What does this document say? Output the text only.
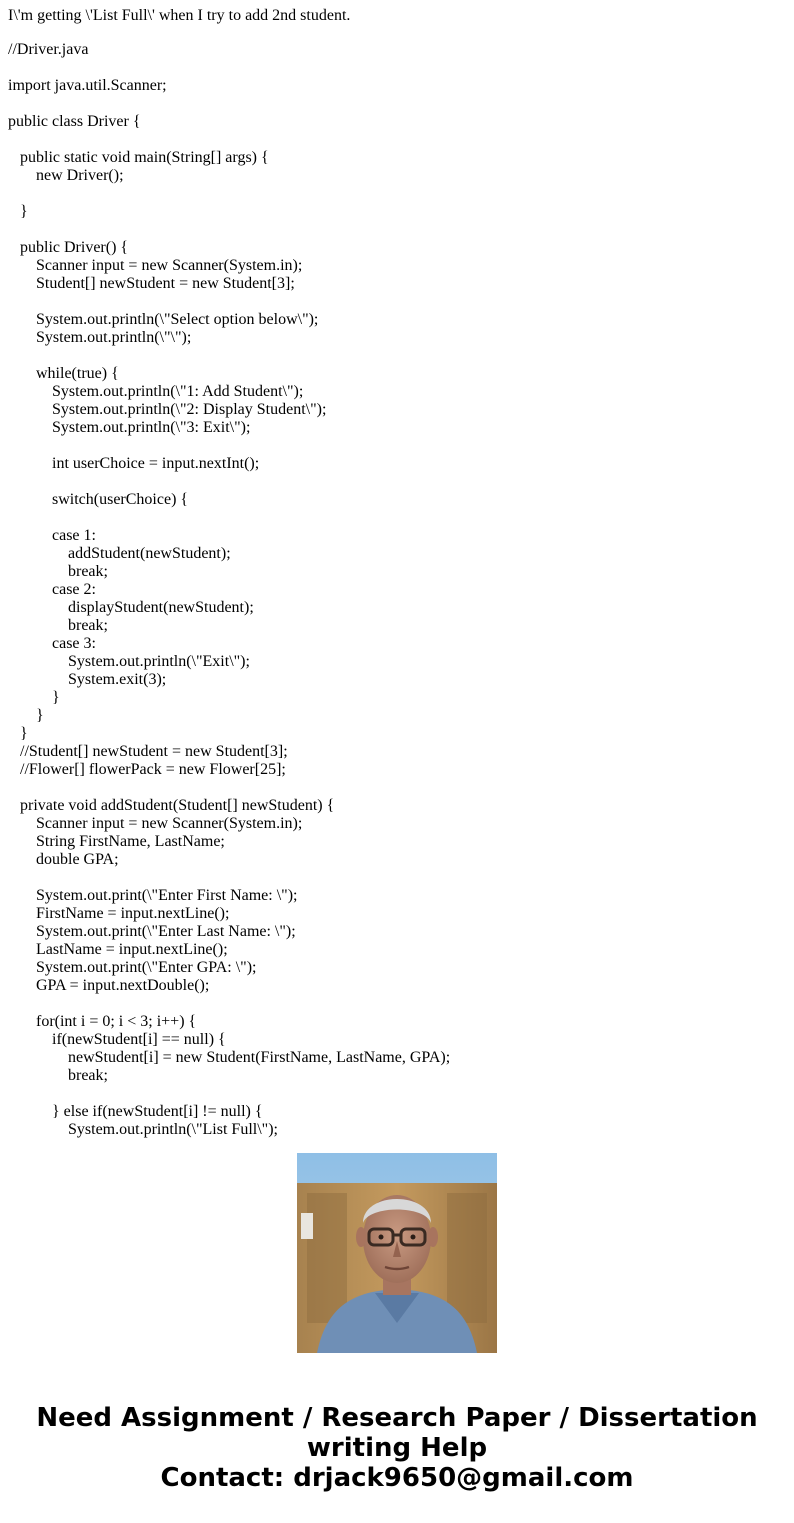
I\'m getting \'List Full\' when I try to add 2nd student.
//Driver.java
import java.util.Scanner;
public class Driver {
public static void main(String[] args) {
new Driver();
}
public Driver() {
Scanner input = new Scanner(System.in);
Student[] newStudent = new Student[3];
System.out.println(\"Select option below\");
System.out.println(\"\");
while(true) {
System.out.println(\"1: Add Student\");
System.out.println(\"2: Display Student\");
System.out.println(\"3: Exit\");
int userChoice = input.nextInt();
switch(userChoice) {
case 1:
addStudent(newStudent);
break;
case 2:
displayStudent(newStudent);
break;
case 3:
System.out.println(\"Exit\");
System.exit(3);
}
}
}
//Student[] newStudent = new Student[3];
//Flower[] flowerPack = new Flower[25];
private void addStudent(Student[] newStudent) {
Scanner input = new Scanner(System.in);
String FirstName, LastName;
double GPA;
System.out.print(\"Enter First Name: \");
FirstName = input.nextLine();
System.out.print(\"Enter Last Name: \");
LastName = input.nextLine();
System.out.print(\"Enter GPA: \");
GPA = input.nextDouble();
for(int i = 0; i < 3; i++) {
if(newStudent[i] == null) {
newStudent[i] = new Student(FirstName, LastName, GPA);
break;
} else if(newStudent[i] != null) {
System.out.println(\"List Full\");
Need Assignment / Research Paper / Dissertation
writing Help
Contact: drjack9650@gmail.com
